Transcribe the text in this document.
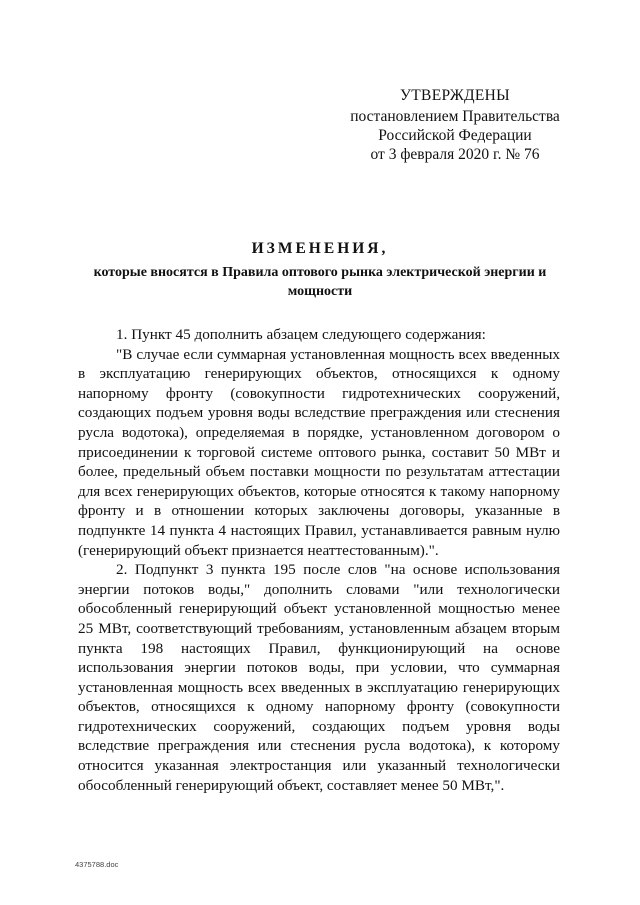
УТВЕРЖДЕНЫ
постановлением Правительства
Российской Федерации
от 3 февраля 2020 г. № 76
ИЗМЕНЕНИЯ,
которые вносятся в Правила оптового рынка электрической энергии и мощности

1. Пункт 45 дополнить абзацем следующего содержания:

"В случае если суммарная установленная мощность всех введенных в эксплуатацию генерирующих объектов, относящихся к одному напорному фронту (совокупности гидротехнических сооружений, создающих подъем уровня воды вследствие преграждения или стеснения русла водотока), определяемая в порядке, установленном договором о присоединении к торговой системе оптового рынка, составит 50 МВт и более, предельный объем поставки мощности по результатам аттестации для всех генерирующих объектов, которые относятся к такому напорному фронту и в отношении которых заключены договоры, указанные в подпункте 14 пункта 4 настоящих Правил, устанавливается равным нулю (генерирующий объект признается неаттестованным).".

2. Подпункт 3 пункта 195 после слов "на основе использования энергии потоков воды," дополнить словами "или технологически обособленный генерирующий объект установленной мощностью менее 25 МВт, соответствующий требованиям, установленным абзацем вторым пункта 198 настоящих Правил, функционирующий на основе использования энергии потоков воды, при условии, что суммарная установленная мощность всех введенных в эксплуатацию генерирующих объектов, относящихся к одному напорному фронту (совокупности гидротехнических сооружений, создающих подъем уровня воды вследствие преграждения или стеснения русла водотока), к которому относится указанная электростанция или указанный технологически обособленный генерирующий объект, составляет менее 50 МВт,".

4375788.doc
